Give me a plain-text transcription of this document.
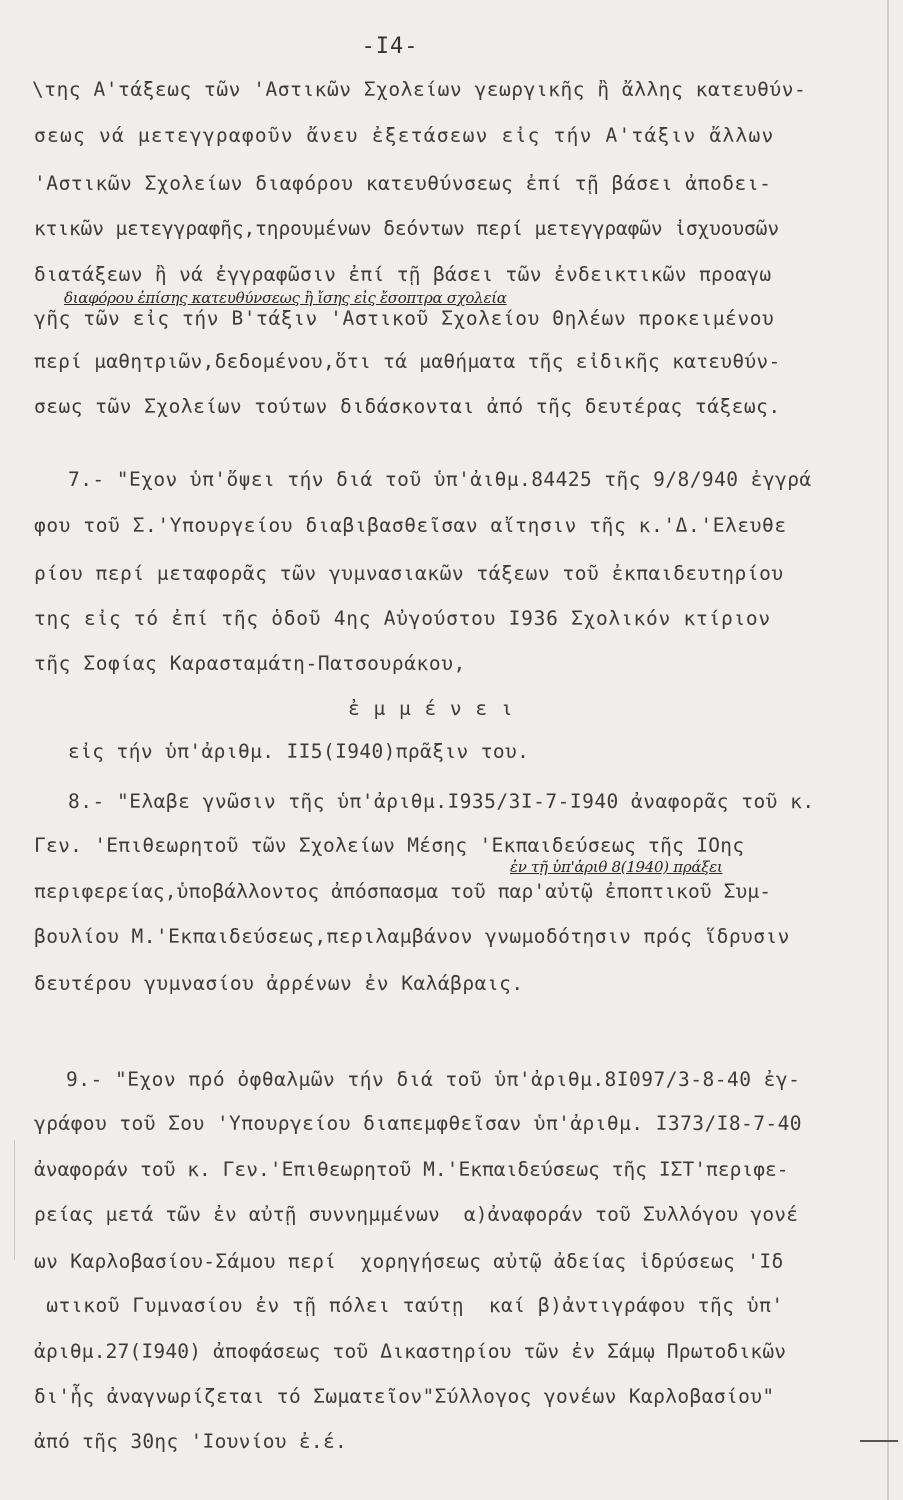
-I4-
\της Α'τάξεως τῶν 'Αστικῶν Σχολείων γεωργικῆς ἢ ἄλλης κατευθύν-
σεως νά μετεγγραφοῦν ἄνευ ἐξετάσεων εἰς τήν Α'τάξιν ἄλλων
'Αστικῶν Σχολείων διαφόρου κατευθύνσεως ἐπί τῇ βάσει ἀποδει-
κτικῶν μετεγγραφῆς,τηρουμένων δεόντων περί μετεγγραφῶν ἰσχυουσῶν
διατάξεων ἢ νά ἐγγραφῶσιν ἐπί τῇ βάσει τῶν ἐνδεικτικῶν προαγω
διαφόρου ἐπίσης κατευθύνσεως ἢ ἴσης εἰς ἔσοπτρα σχολεία
γῆς τῶν εἰς τήν Β'τάξιν 'Αστικοῦ Σχολείου Θηλέων προκειμένου
περί μαθητριῶν,δεδομένου,ὅτι τά μαθήματα τῆς εἰδικῆς κατευθύν-
σεως τῶν Σχολείων τούτων διδάσκονται ἀπό τῆς δευτέρας τάξεως.
7.- "Εχον ὑπ'ὄψει τήν διά τοῦ ὑπ'ἀιθμ.84425 τῆς 9/8/940 ἐγγρά
φου τοῦ Σ.'Υπουργείου διαβιβασθεῖσαν αἴτησιν τῆς κ.'Δ.'Ελευθε
ρίου περί μεταφορᾶς τῶν γυμνασιακῶν τάξεων τοῦ ἐκπαιδευτηρίου
της εἰς τό ἐπί τῆς ὁδοῦ 4ης Αὐγούστου Ι936 Σχολικόν κτίριον
τῆς Σοφίας Καρασταμάτη-Πατσουράκου,
ἐ μ μ έ ν ε ι
εἰς τήν ὑπ'ἀριθμ. ΙΙ5(Ι940)πρᾶξιν του.
8.- "Ελαβε γνῶσιν τῆς ὑπ'ἀριθμ.Ι935/3Ι-7-Ι940 ἀναφορᾶς τοῦ κ.
Γεν. 'Επιθεωρητοῦ τῶν Σχολείων Μέσης 'Εκπαιδεύσεως τῆς ΙΟης
ἐν τῇ ὑπ'ἀριθ 8(1940) πράξει
περιφερείας,ὑποβάλλοντος ἀπόσπασμα τοῦ παρ'αὐτῷ ἐποπτικοῦ Συμ-
βουλίου Μ.'Εκπαιδεύσεως,περιλαμβάνον γνωμοδότησιν πρός ἵδρυσιν
δευτέρου γυμνασίου ἀρρένων ἐν Καλάβραις.
9.- "Εχον πρό ὀφθαλμῶν τήν διά τοῦ ὑπ'ἀριθμ.8Ι097/3-8-40 ἐγ-
γράφου τοῦ Σου 'Υπουργείου διαπεμφθεῖσαν ὑπ'ἀριθμ. Ι373/Ι8-7-40
ἀναφοράν τοῦ κ. Γεν.'Επιθεωρητοῦ Μ.'Εκπαιδεύσεως τῆς ΙΣΤ'περιφε-
ρείας μετά τῶν ἐν αὐτῇ συννημμένων  α)ἀναφοράν τοῦ Συλλόγου γονέ
ων Καρλοβασίου-Σάμου περί  χορηγήσεως αὐτῷ ἀδείας ἱδρύσεως 'Ιδ
ωτικοῦ Γυμνασίου ἐν τῇ πόλει ταύτῃ  καί β)ἀντιγράφου τῆς ὑπ'
ἀριθμ.27(Ι940) ἀποφάσεως τοῦ Δικαστηρίου τῶν ἐν Σάμῳ Πρωτοδικῶν
δι'ἧς ἀναγνωρίζεται τό Σωματεῖον"Σύλλογος γονέων Καρλοβασίου"
ἀπό τῆς 30ης 'Ιουνίου ἐ.έ.
